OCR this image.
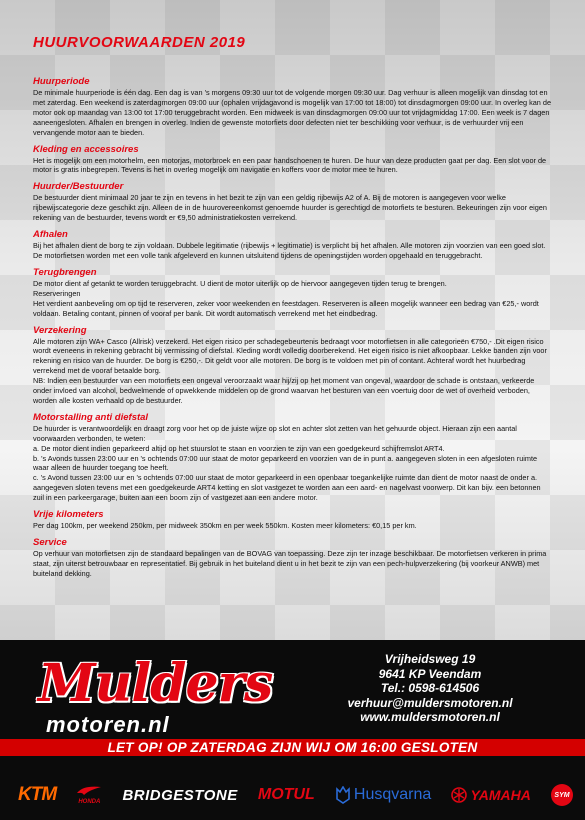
HUURVOORWAARDEN 2019
Huurperiode

De minimale huurperiode is één dag. Een dag is van 's morgens 09:30 uur tot de volgende morgen 09:30 uur. Dag verhuur is alleen mogelijk van dinsdag tot en met zaterdag. Een weekend is zaterdagmorgen 09:00 uur (ophalen vrijdagavond is mogelijk van 17:00 tot 18:00) tot dinsdagmorgen 09:00 uur. In overleg kan de motor ook op maandag van 13:00 tot 17:00 teruggebracht worden. Een midweek is van dinsdagmorgen 09:00 uur tot vrijdagmiddag 17:00. Een week is 7 dagen aaneengesloten. Afhalen en brengen in overleg. Indien de gewenste motorfiets door defecten niet ter beschikking voor verhuur, is de verhuurder vrij een vervangende motor aan te bieden.

Kleding en accessoires

Het is mogelijk om een motorhelm, een motorjas, motorbroek en een paar handschoenen te huren. De huur van deze producten gaat per dag. Een slot voor de motor is gratis inbegrepen. Tevens is het in overleg mogelijk om navigatie en koffers voor de motor mee te huren.

Huurder/Bestuurder

De bestuurder dient minimaal 20 jaar te zijn en tevens in het bezit te zijn van een geldig rijbewijs A2 of A. Bij de motoren is aangegeven voor welke rijbewijscategorie deze geschikt zijn. Alleen de in de huurovereenkomst genoemde huurder is gerechtigd de motorfiets te besturen. Bekeuringen zijn voor eigen rekening van de bestuurder, tevens wordt er €9,50 administratiekosten verrekend.

Afhalen

Bij het afhalen dient de borg te zijn voldaan. Dubbele legitimatie (rijbewijs + legitimatie) is verplicht bij het afhalen. Alle motoren zijn voorzien van een goed slot. De motorfietsen worden met een volle tank afgeleverd en kunnen uitsluitend tijdens de openingstijden worden opgehaald en teruggebracht.

Terugbrengen

De motor dient af getankt te worden teruggebracht. U dient de motor uiterlijk op de hiervoor aangegeven tijden terug te brengen.
Reserveringen
Het verdient aanbeveling om op tijd te reserveren, zeker voor weekenden en feestdagen. Reserveren is alleen mogelijk wanneer een bedrag van €25,- wordt voldaan. Betaling contant, pinnen of vooraf per bank. Dit wordt automatisch verrekend met het eindbedrag.

Verzekering

Alle motoren zijn WA+ Casco (Allrisk) verzekerd. Het eigen risico per schadegebeurtenis bedraagt voor motorfietsen in alle categorieën €750,- .Dit eigen risico wordt eveneens in rekening gebracht bij vermissing of diefstal. Kleding wordt volledig doorberekend. Het eigen risico is niet afkoopbaar. Lekke banden zijn voor rekening en risico van de huurder. De borg is €250,-. Dit geldt voor alle motoren. De borg is te voldoen met pin of contant. Achteraf wordt het huurbedrag verrekend met de vooraf betaalde borg.
NB: Indien een bestuurder van een motorfiets een ongeval veroorzaakt waar hij/zij op het moment van ongeval, waardoor de schade is ontstaan, verkeerde onder invloed van alcohol, bedwelmende of opwekkende middelen op de grond waarvan het besturen van een voertuig door de wet of overheid verboden, worden alle kosten verhaald op de bestuurder.

Motorstalling anti diefstal

De huurder is verantwoordelijk en draagt zorg voor het op de juiste wijze op slot en achter slot zetten van het gehuurde object. Hieraan zijn een aantal voorwaarden verbonden, te weten:
a. De motor dient indien geparkeerd altijd op het stuurslot te staan en voorzien te zijn van een goedgekeurd schijfremslot ART4.
b. 's Avonds tussen 23:00 uur en 's ochtends 07:00 uur staat de motor geparkeerd en voorzien van de in punt a. aangegeven sloten in een afgesloten ruimte waar alleen de huurder toegang toe heeft.
c. 's Avond tussen 23:00 uur en 's ochtends 07:00 uur staat de motor geparkeerd in een openbaar toegankelijke ruimte dan dient de motor naast de onder a. aangegeven sloten tevens met een goedgekeurde ART4 ketting en slot vastgezet te worden aan een aard- en nagelvast voorwerp. Dit kan bijv. een betonnen zuil in een parkeergarage, buiten aan een boom zijn of vastgezet aan een andere motor.

Vrije kilometers

Per dag 100km, per weekend 250km, per midweek 350km en per week 550km. Kosten meer kilometers: €0,15 per km.

Service

Op verhuur van motorfietsen zijn de standaard bepalingen van de BOVAG van toepassing. Deze zijn ter inzage beschikbaar. De motorfietsen verkeren in prima staat, zijn uiterst betrouwbaar en representatief. Bij gebruik in het buiteland dient u in het bezit te zijn van een pech-hulpverzekering (bij voorkeur ANWB) met buiteland dekking.

Mulders

motoren.nl

Vrijheidsweg 19
9641 KP Veendam
Tel.: 0598-614506
verhuur@muldersmotoren.nl
www.muldersmotoren.nl
LET OP! OP ZATERDAG ZIJN WIJ OM 16:00 GESLOTEN
KTM	HONDA BRIDGESTONE MOTUL Husqvarna	YAMAHA	SYM
